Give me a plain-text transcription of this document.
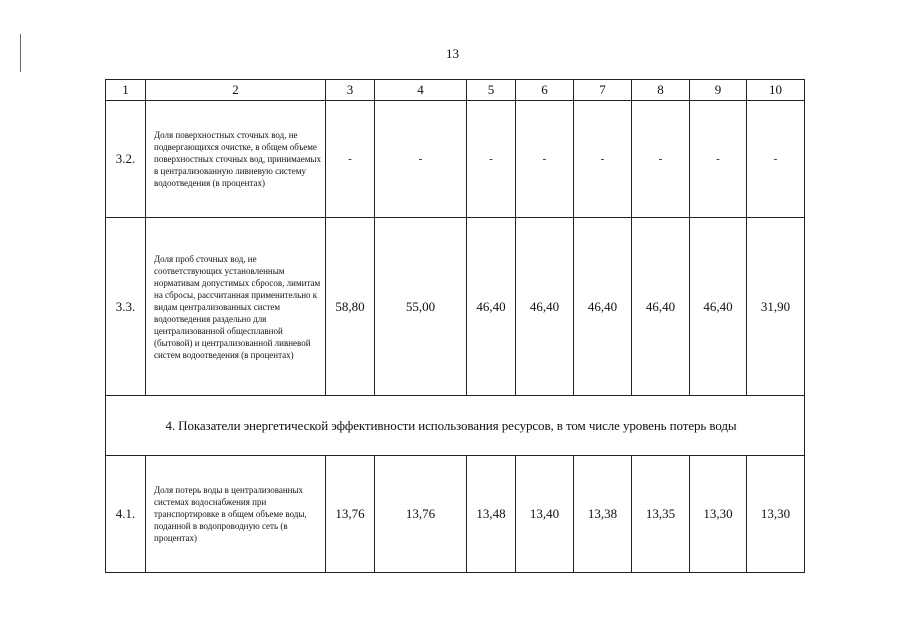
13
1	2	3	4	5	6	7	8	9	10
3.2.	Доля поверхностных сточных вод, не подвергающихся очистке, в общем объеме поверхностных сточных вод, принимаемых в централизованную ливневую систему водоотведения (в процентах)	-	-	-	-	-	-	-	-
3.3.	Доля проб сточных вод, не соответствующих установленным нормативам допустимых сбросов, лимитам на сбросы, рассчитанная применительно к видам централизованных систем водоотведения раздельно для централизованной общесплавной (бытовой) и централизованной ливневой систем водоотведения (в процентах)	58,80	55,00	46,40	46,40	46,40	46,40	46,40	31,90
4. Показатели энергетической эффективности использования ресурсов, в том числе уровень потерь воды									
4.1.	Доля потерь воды в централизованных системах водоснабжения при транспортировке в общем объеме воды, поданной в водопроводную сеть (в процентах)	13,76	13,76	13,48	13,40	13,38	13,35	13,30	13,30
